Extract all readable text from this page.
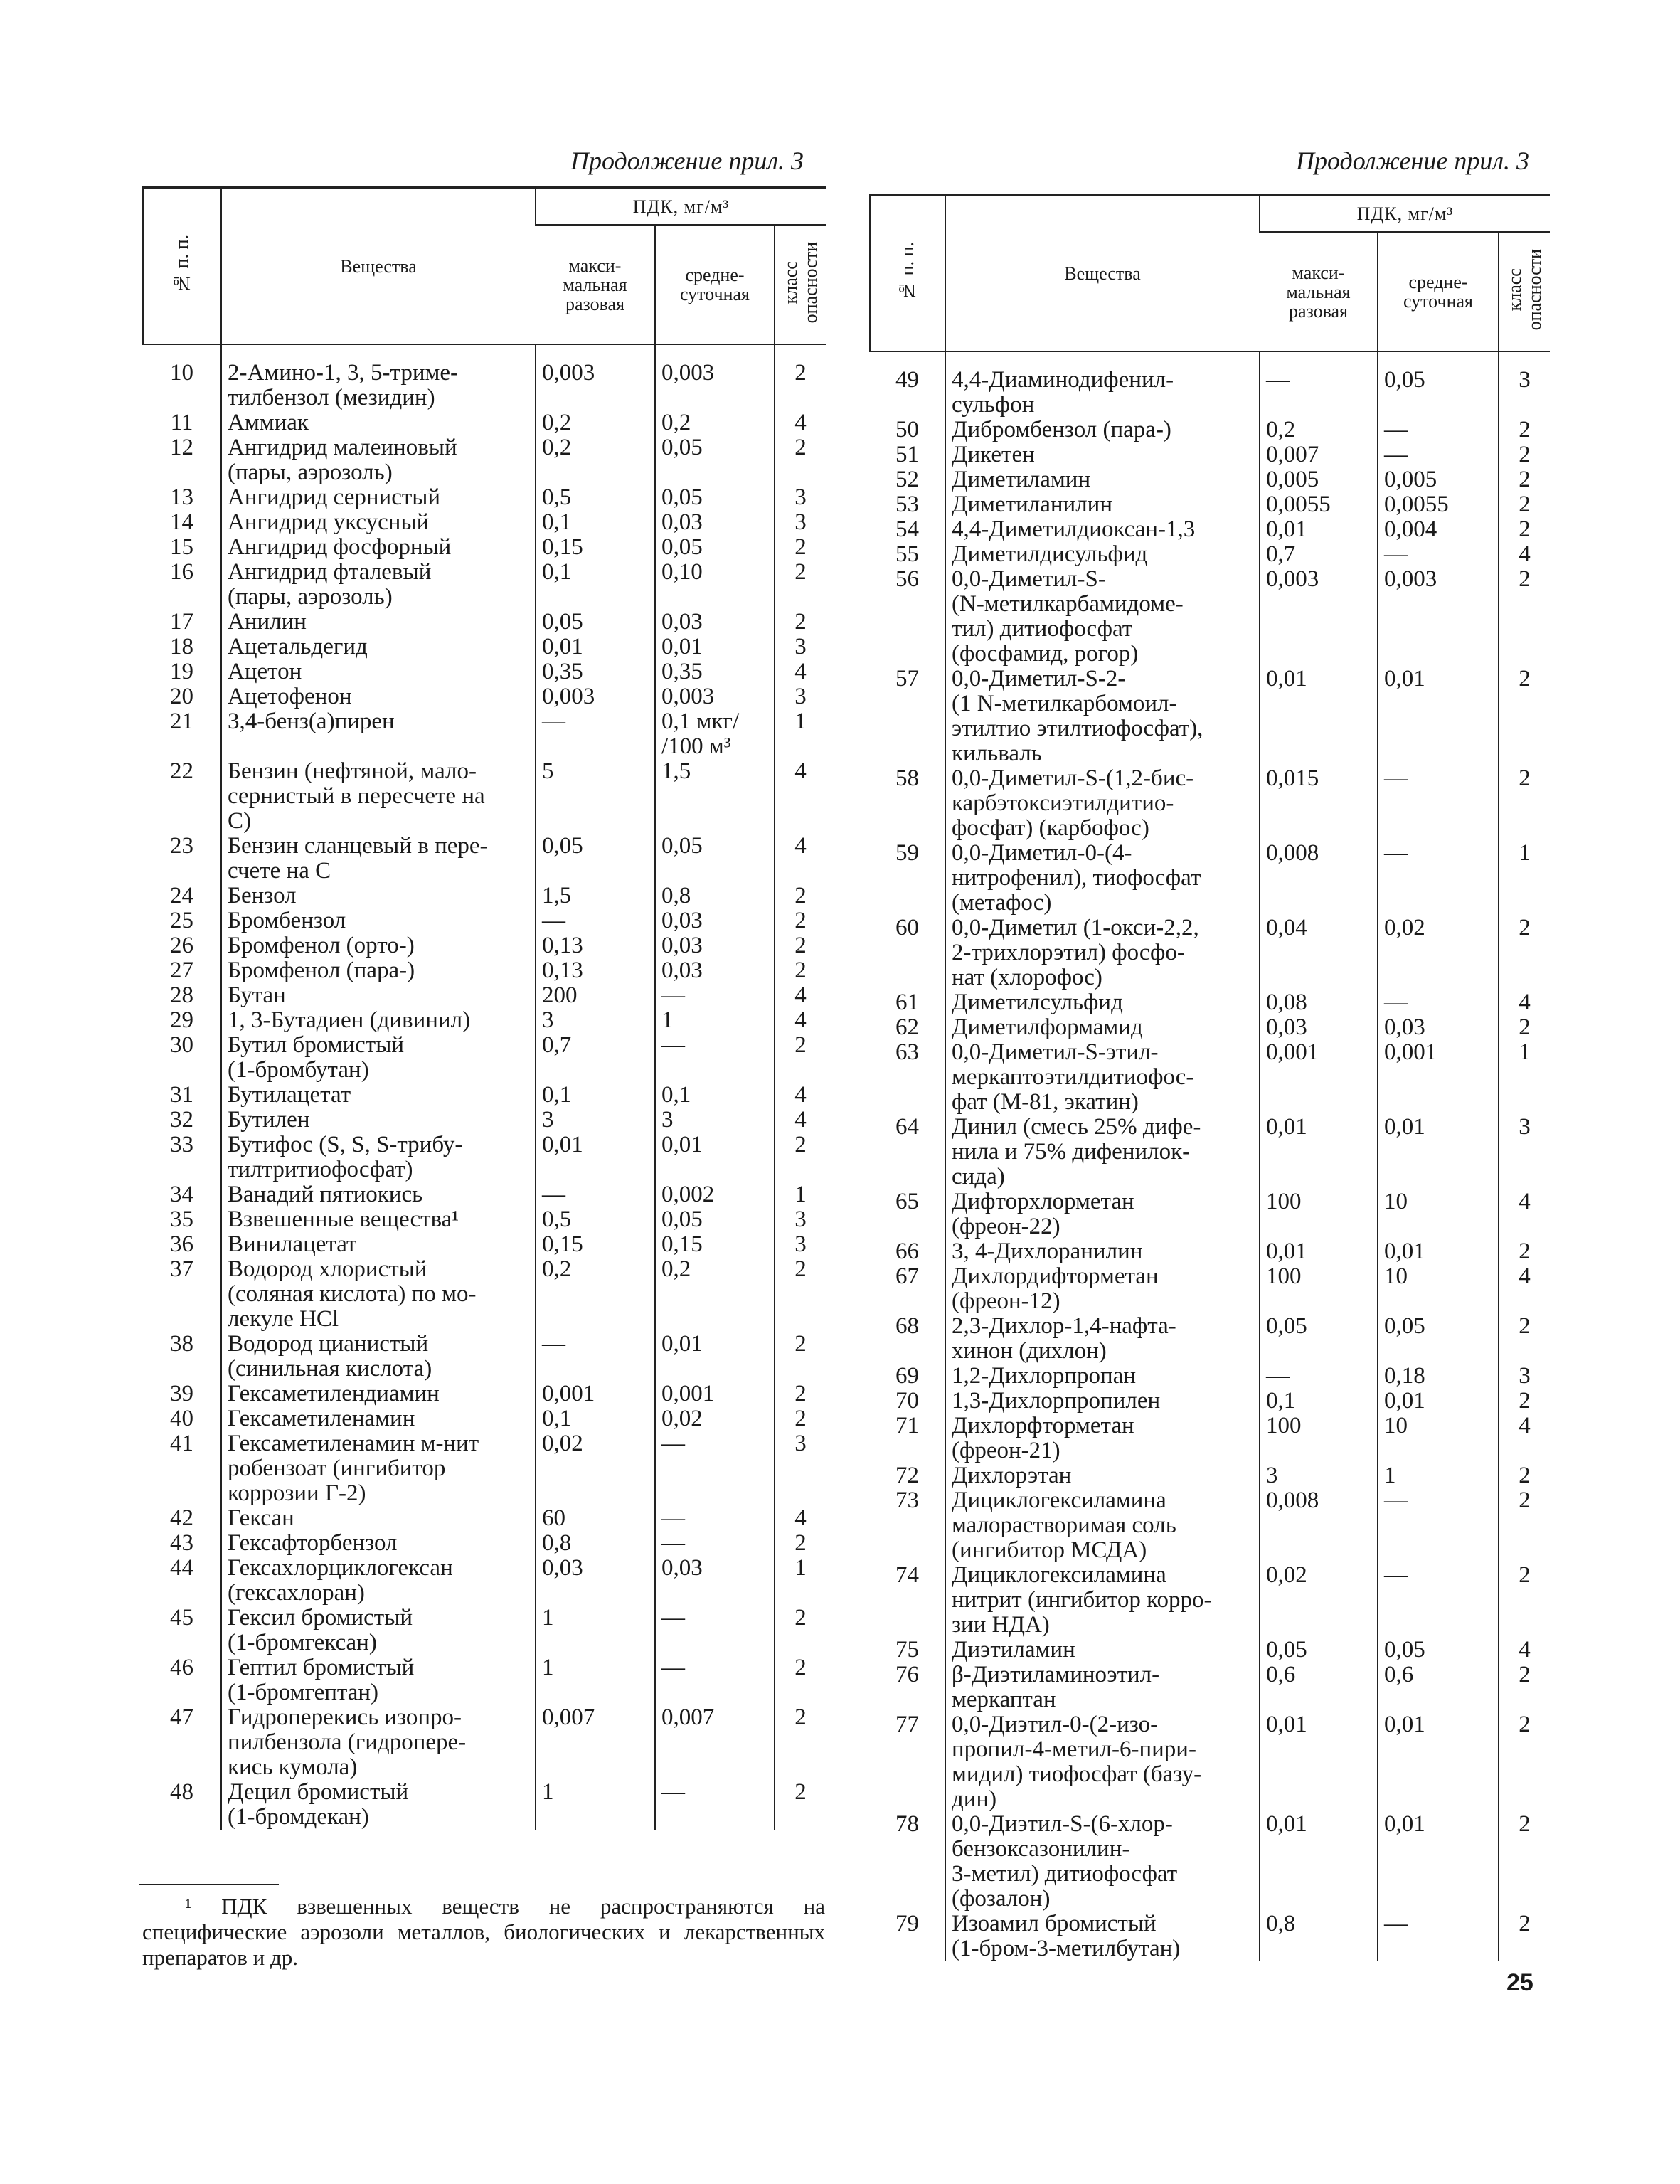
Продолжение прил. 3	Продолжение прил. 3
№ п. п.	Вещества	ПДК, мг/м³		
		макси-
мальная
разовая	средне-
суточная	класс
опасности
10	2-Амино-1, 3, 5-триме-
тилбензол (мезидин)	0,003	0,003	2
11	Аммиак	0,2	0,2	4
12	Ангидрид малеиновый
(пары, аэрозоль)	0,2	0,05	2
13	Ангидрид сернистый	0,5	0,05	3
14	Ангидрид уксусный	0,1	0,03	3
15	Ангидрид фосфорный	0,15	0,05	2
16	Ангидрид фталевый
(пары, аэрозоль)	0,1	0,10	2
17	Анилин	0,05	0,03	2
18	Ацетальдегид	0,01	0,01	3
19	Ацетон	0,35	0,35	4
20	Ацетофенон	0,003	0,003	3
21	3,4-бенз(а)пирен	—	0,1 мкг/
/100 м³	1
22	Бензин (нефтяной, мало-
сернистый в пересчете на
С)	5	1,5	4
23	Бензин сланцевый в пере-
счете на С	0,05	0,05	4
24	Бензол	1,5	0,8	2
25	Бромбензол	—	0,03	2
26	Бромфенол (орто-)	0,13	0,03	2
27	Бромфенол (пара-)	0,13	0,03	2
28	Бутан	200	—	4
29	1, 3-Бутадиен (дивинил)	3	1	4
30	Бутил бромистый
(1-бромбутан)	0,7	—	2
31	Бутилацетат	0,1	0,1	4
32	Бутилен	3	3	4
33	Бутифос (S, S, S-трибу-
тилтритиофосфат)	0,01	0,01	2
34	Ванадий пятиокись	—	0,002	1
35	Взвешенные вещества¹	0,5	0,05	3
36	Винилацетат	0,15	0,15	3
37	Водород хлористый
(соляная кислота) по мо-
лекуле HCl	0,2	0,2	2
38	Водород цианистый
(синильная кислота)	—	0,01	2
39	Гексаметилендиамин	0,001	0,001	2
40	Гексаметиленамин	0,1	0,02	2
41	Гексаметиленамин м-нит
робензоат (ингибитор
коррозии Г-2)	0,02	—	3
42	Гексан	60	—	4
43	Гексафторбензол	0,8	—	2
44	Гексахлорциклогексан
(гексахлоран)	0,03	0,03	1
45	Гексил бромистый
(1-бромгексан)	1	—	2
46	Гептил бромистый
(1-бромгептан)	1	—	2
47	Гидроперекись изопро-
пилбензола (гидропере-
кись кумола)	0,007	0,007	2
48	Децил бромистый
(1-бромдекан)	1	—	2
№ п. п.	Вещества	ПДК, мг/м³		
		макси-
мальная
разовая	средне-
суточная	класс
опасности
49	4,4-Диаминодифенил-
сульфон	—	0,05	3
50	Дибромбензол (пара-)	0,2	—	2
51	Дикетен	0,007	—	2
52	Диметиламин	0,005	0,005	2
53	Диметиланилин	0,0055	0,0055	2
54	4,4-Диметилдиоксан-1,3	0,01	0,004	2
55	Диметилдисульфид	0,7	—	4
56	0,0-Диметил-S-
(N-метилкарбамидоме-
тил) дитиофосфат
(фосфамид, рогор)	0,003	0,003	2
57	0,0-Диметил-S-2-
(1 N-метилкарбомоил-
этилтио этилтиофосфат),
кильваль	0,01	0,01	2
58	0,0-Диметил-S-(1,2-бис-
карбэтоксиэтилдитио-
фосфат) (карбофос)	0,015	—	2
59	0,0-Диметил-0-(4-
нитрофенил), тиофосфат
(метафос)	0,008	—	1
60	0,0-Диметил (1-окси-2,2,
2-трихлорэтил) фосфо-
нат (хлорофос)	0,04	0,02	2
61	Диметилсульфид	0,08	—	4
62	Диметилформамид	0,03	0,03	2
63	0,0-Диметил-S-этил-
меркаптоэтилдитиофос-
фат (М-81, экатин)	0,001	0,001	1
64	Динил (смесь 25% дифе-
нила и 75% дифенилок-
сида)	0,01	0,01	3
65	Дифторхлорметан
(фреон-22)	100	10	4
66	3, 4-Дихлоранилин	0,01	0,01	2
67	Дихлордифторметан
(фреон-12)	100	10	4
68	2,3-Дихлор-1,4-нафта-
хинон (дихлон)	0,05	0,05	2
69	1,2-Дихлорпропан	—	0,18	3
70	1,3-Дихлорпропилен	0,1	0,01	2
71	Дихлорфторметан
(фреон-21)	100	10	4
72	Дихлорэтан	3	1	2
73	Дициклогексиламина
малорастворимая соль
(ингибитор МСДА)	0,008	—	2
74	Дициклогексиламина
нитрит (ингибитор корро-
зии НДА)	0,02	—	2
75	Диэтиламин	0,05	0,05	4
76	β-Диэтиламиноэтил-
меркаптан	0,6	0,6	2
77	0,0-Диэтил-0-(2-изо-
пропил-4-метил-6-пири-
мидил) тиофосфат (базу-
дин)	0,01	0,01	2
78	0,0-Диэтил-S-(6-хлор-
бензоксазонилин-
3-метил) дитиофосфат
(фозалон)	0,01	0,01	2
79	Изоамил бромистый
(1-бром-3-метилбутан)	0,8	—	2
¹ ПДК взвешенных веществ не распространяются на специфические аэрозоли металлов, биологических и лекарственных препаратов и др.
25
